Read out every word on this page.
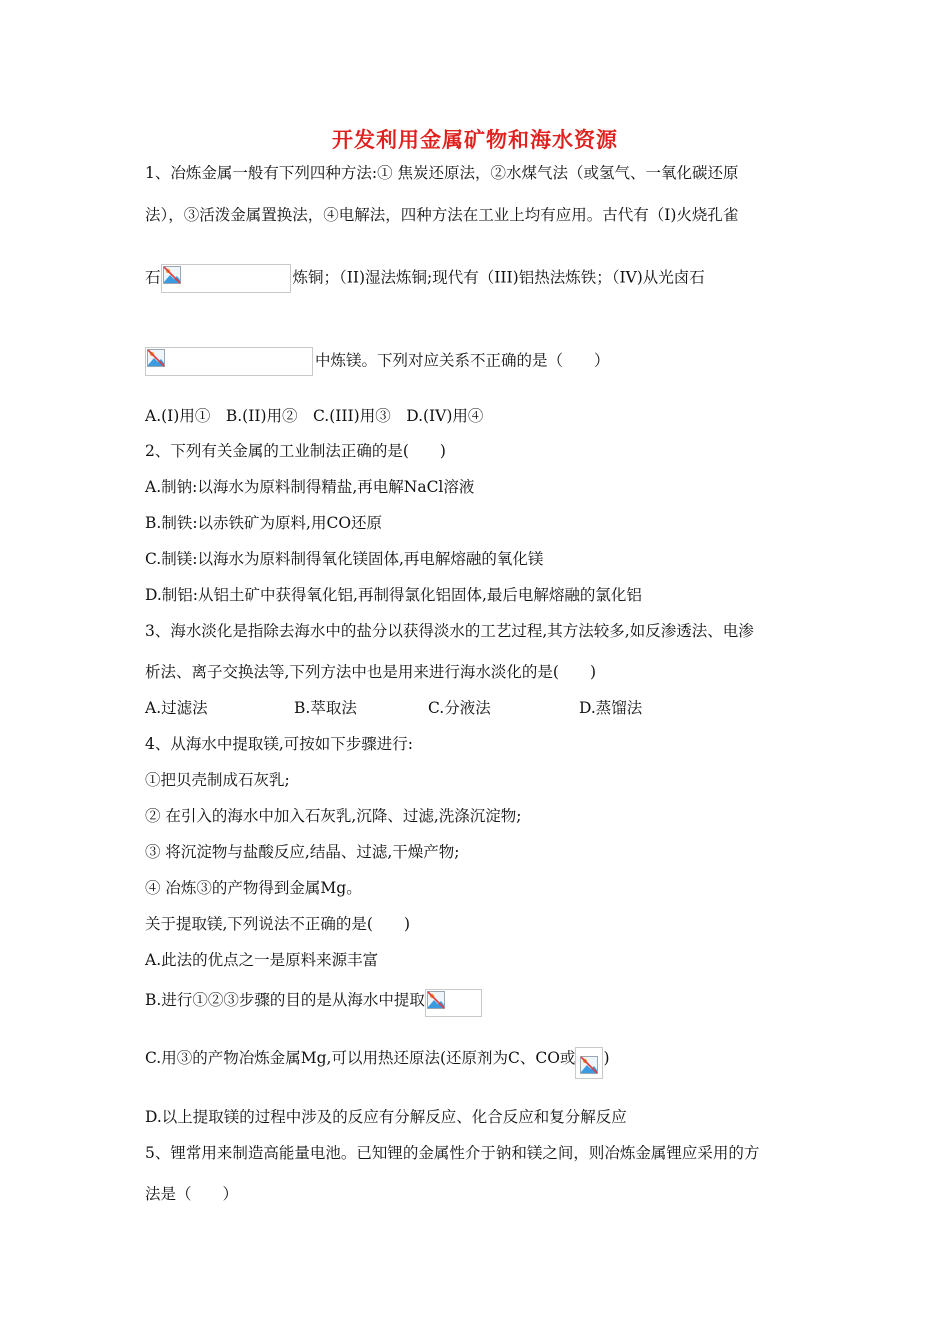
开发利用金属矿物和海水资源
1、冶炼金属一般有下列四种方法:① 焦炭还原法，②水煤气法（或氢气、一氧化碳还原
法），③活泼金属置换法，④电解法，四种方法在工业上均有应用。古代有（I)火烧孔雀
石	炼铜；（II)湿法炼铜;现代有（III)铝热法炼铁；（IV)从光卤石
中炼镁。下列对应关系不正确的是（　　）
A.(I)用①　B.(II)用②　C.(III)用③　D.(IV)用④
2、下列有关金属的工业制法正确的是(　　)
A.制钠:以海水为原料制得精盐,再电解NaCl溶液
B.制铁:以赤铁矿为原料,用CO还原
C.制镁:以海水为原料制得氧化镁固体,再电解熔融的氧化镁
D.制铝:从铝土矿中获得氧化铝,再制得氯化铝固体,最后电解熔融的氯化铝
3、海水淡化是指除去海水中的盐分以获得淡水的工艺过程,其方法较多,如反渗透法、电渗
析法、离子交换法等,下列方法中也是用来进行海水淡化的是(　　)
A.过滤法	B.萃取法	C.分液法	D.蒸馏法
4、从海水中提取镁,可按如下步骤进行:
①把贝壳制成石灰乳;
② 在引入的海水中加入石灰乳,沉降、过滤,洗涤沉淀物;
③ 将沉淀物与盐酸反应,结晶、过滤,干燥产物;
④ 冶炼③的产物得到金属Mg。
关于提取镁,下列说法不正确的是(　　)
A.此法的优点之一是原料来源丰富
B.进行①②③步骤的目的是从海水中提取
C.用③的产物冶炼金属Mg,可以用热还原法(还原剂为C、CO或 )
D.以上提取镁的过程中涉及的反应有分解反应、化合反应和复分解反应
5、锂常用来制造高能量电池。已知锂的金属性介于钠和镁之间，则冶炼金属锂应采用的方
法是（　　）
